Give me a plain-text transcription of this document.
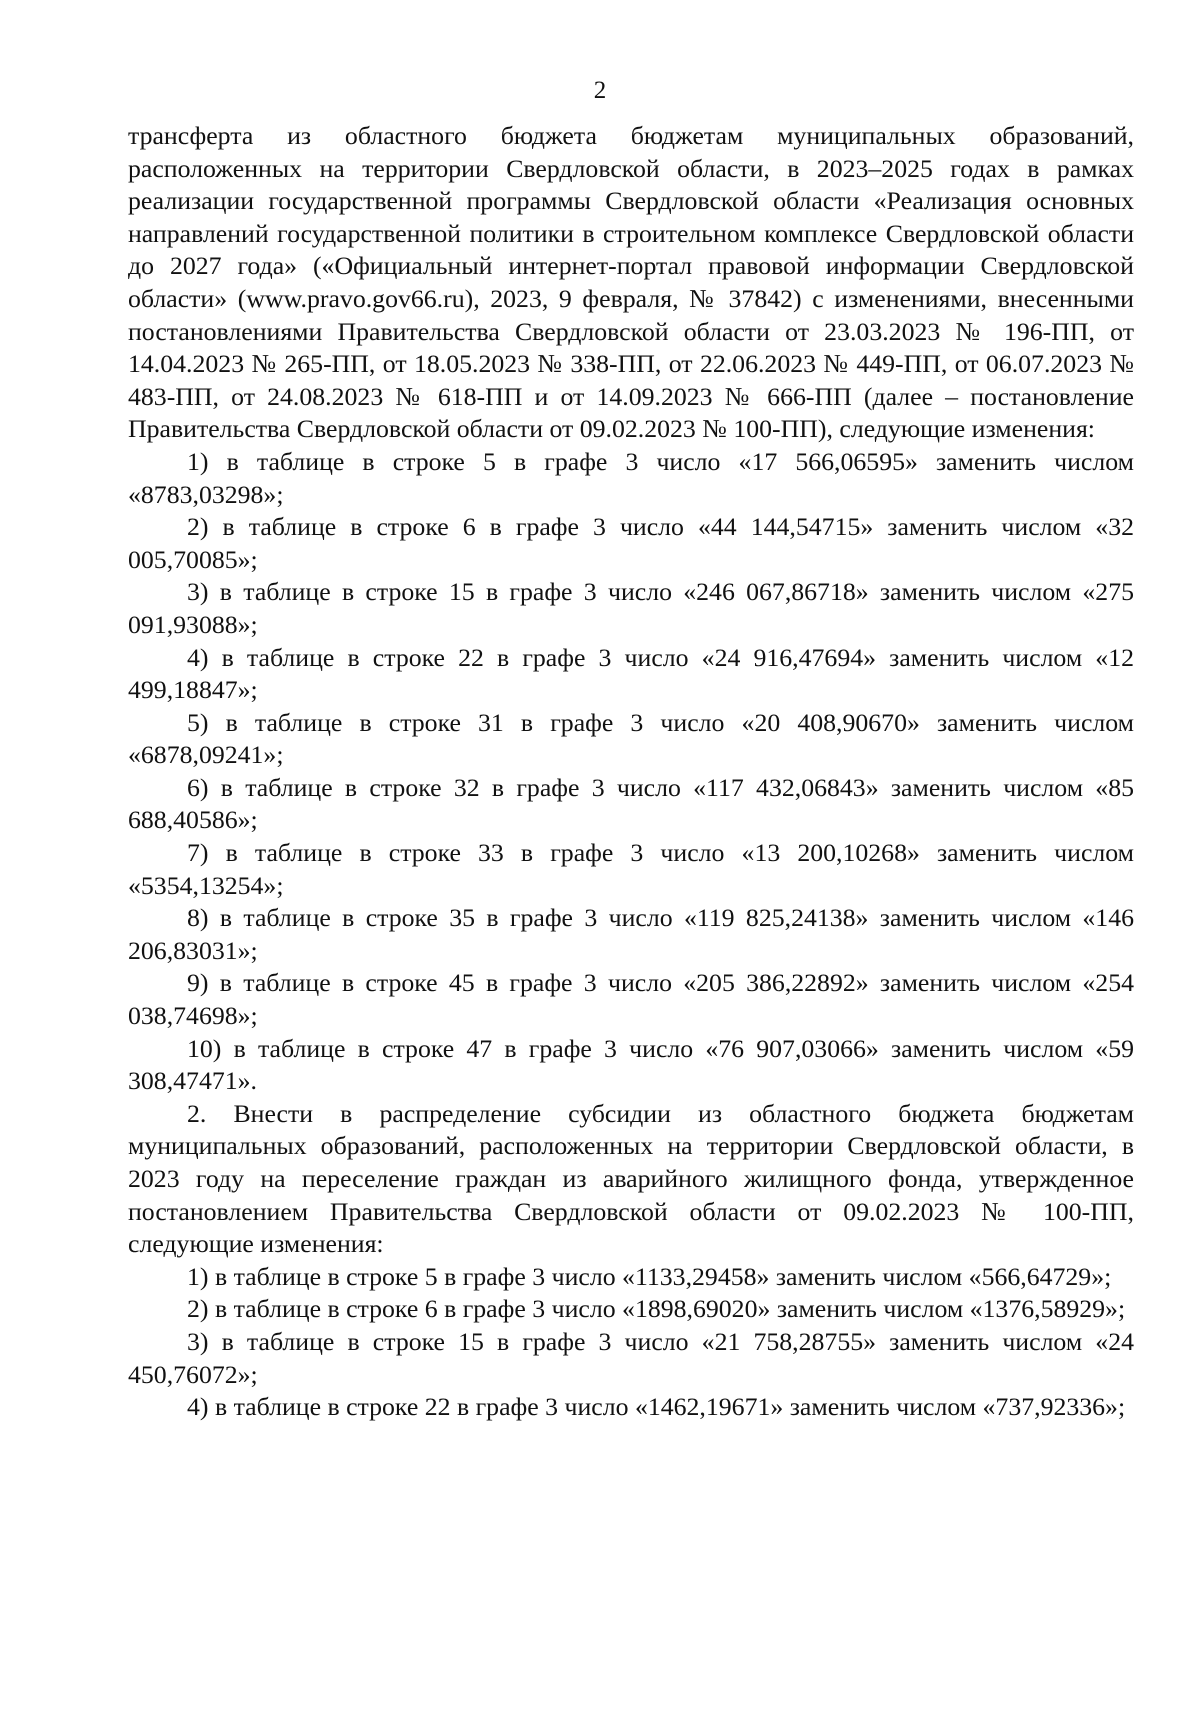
2

трансферта из областного бюджета бюджетам муниципальных образований, расположенных на территории Свердловской области, в 2023–2025 годах в рамках реализации государственной программы Свердловской области «Реализация основных направлений государственной политики в строительном комплексе Свердловской области до 2027 года» («Официальный интернет-портал правовой информации Свердловской области» (www.pravo.gov66.ru), 2023, 9 февраля, № 37842) с изменениями, внесенными постановлениями Правительства Свердловской области от 23.03.2023 № 196-ПП, от 14.04.2023 № 265-ПП, от 18.05.2023 № 338-ПП, от 22.06.2023 № 449-ПП, от 06.07.2023 № 483-ПП, от 24.08.2023 № 618-ПП и от 14.09.2023 № 666-ПП (далее – постановление Правительства Свердловской области от 09.02.2023 № 100-ПП), следующие изменения:

1) в таблице в строке 5 в графе 3 число «17 566,06595» заменить числом «8783,03298»;

2) в таблице в строке 6 в графе 3 число «44 144,54715» заменить числом «32 005,70085»;

3) в таблице в строке 15 в графе 3 число «246 067,86718» заменить числом «275 091,93088»;

4) в таблице в строке 22 в графе 3 число «24 916,47694» заменить числом «12 499,18847»;

5) в таблице в строке 31 в графе 3 число «20 408,90670» заменить числом «6878,09241»;

6) в таблице в строке 32 в графе 3 число «117 432,06843» заменить числом «85 688,40586»;

7) в таблице в строке 33 в графе 3 число «13 200,10268» заменить числом «5354,13254»;

8) в таблице в строке 35 в графе 3 число «119 825,24138» заменить числом «146 206,83031»;

9) в таблице в строке 45 в графе 3 число «205 386,22892» заменить числом «254 038,74698»;

10) в таблице в строке 47 в графе 3 число «76 907,03066» заменить числом «59 308,47471».

2. Внести в распределение субсидии из областного бюджета бюджетам муниципальных образований, расположенных на территории Свердловской области, в 2023 году на переселение граждан из аварийного жилищного фонда, утвержденное постановлением Правительства Свердловской области от 09.02.2023 № 100-ПП, следующие изменения:

1) в таблице в строке 5 в графе 3 число «1133,29458» заменить числом «566,64729»;

2) в таблице в строке 6 в графе 3 число «1898,69020» заменить числом «1376,58929»;

3) в таблице в строке 15 в графе 3 число «21 758,28755» заменить числом «24 450,76072»;

4) в таблице в строке 22 в графе 3 число «1462,19671» заменить числом «737,92336»;
